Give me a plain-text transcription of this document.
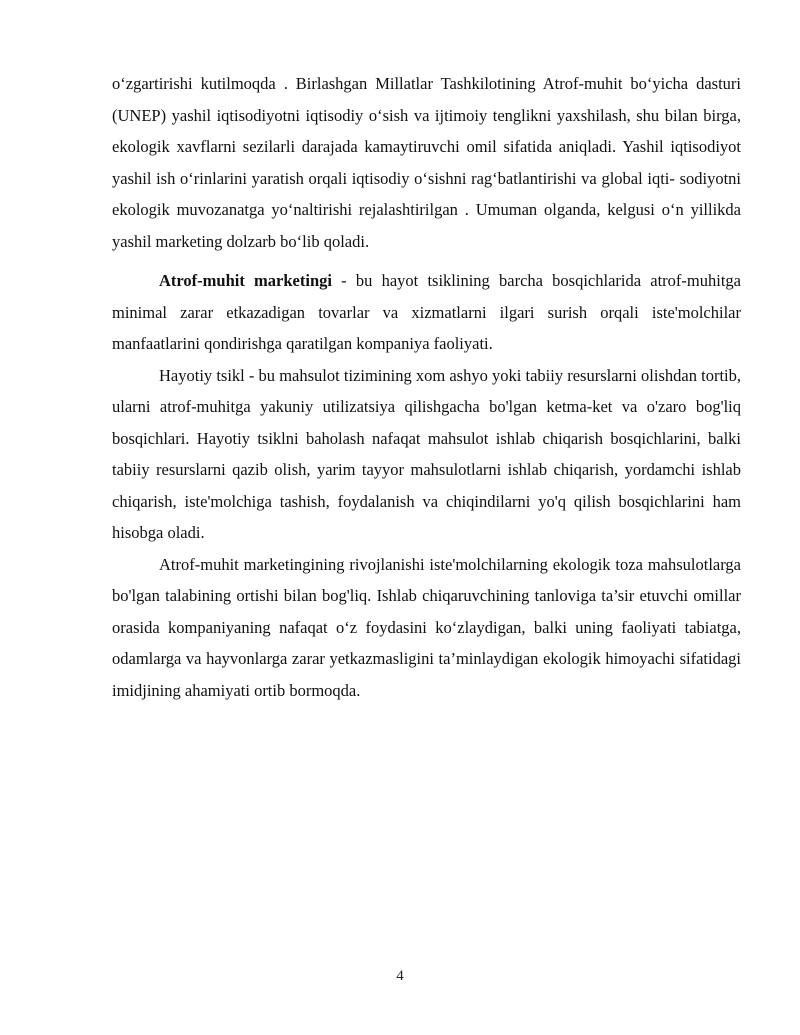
o‘zgartirishi kutilmoqda . Birlashgan Millatlar Tashkilotining Atrof-muhit bo‘yicha dasturi (UNEP) yashil iqtisodiyotni iqtisodiy o‘sish va ijtimoiy tenglikni yaxshilash, shu bilan birga, ekologik xavflarni sezilarli darajada kamaytiruvchi omil sifatida aniqladi. Yashil iqtisodiyot yashil ish o‘rinlarini yaratish orqali iqtisodiy o‘sishni rag‘batlantirishi va global iqti- sodiyotni ekologik muvozanatga yo‘naltirishi rejalashtirilgan . Umuman olganda, kelgusi o‘n yillikda yashil marketing dolzarb bo‘lib qoladi.

Atrof-muhit marketingi - bu hayot tsiklining barcha bosqichlarida atrof-muhitga minimal zarar etkazadigan tovarlar va xizmatlarni ilgari surish orqali iste'molchilar manfaatlarini qondirishga qaratilgan kompaniya faoliyati.

Hayotiy tsikl - bu mahsulot tizimining xom ashyo yoki tabiiy resurslarni olishdan tortib, ularni atrof-muhitga yakuniy utilizatsiya qilishgacha bo'lgan ketma-ket va o'zaro bog'liq bosqichlari. Hayotiy tsiklni baholash nafaqat mahsulot ishlab chiqarish bosqichlarini, balki tabiiy resurslarni qazib olish, yarim tayyor mahsulotlarni ishlab chiqarish, yordamchi ishlab chiqarish, iste'molchiga tashish, foydalanish va chiqindilarni yo'q qilish bosqichlarini ham hisobga oladi.

Atrof-muhit marketingining rivojlanishi iste'molchilarning ekologik toza mahsulotlarga bo'lgan talabining ortishi bilan bog'liq. Ishlab chiqaruvchining tanloviga ta’sir etuvchi omillar orasida kompaniyaning nafaqat o‘z foydasini ko‘zlaydigan, balki uning faoliyati tabiatga, odamlarga va hayvonlarga zarar yetkazmasligini ta’minlaydigan ekologik himoyachi sifatidagi imidjining ahamiyati ortib bormoqda.

4
